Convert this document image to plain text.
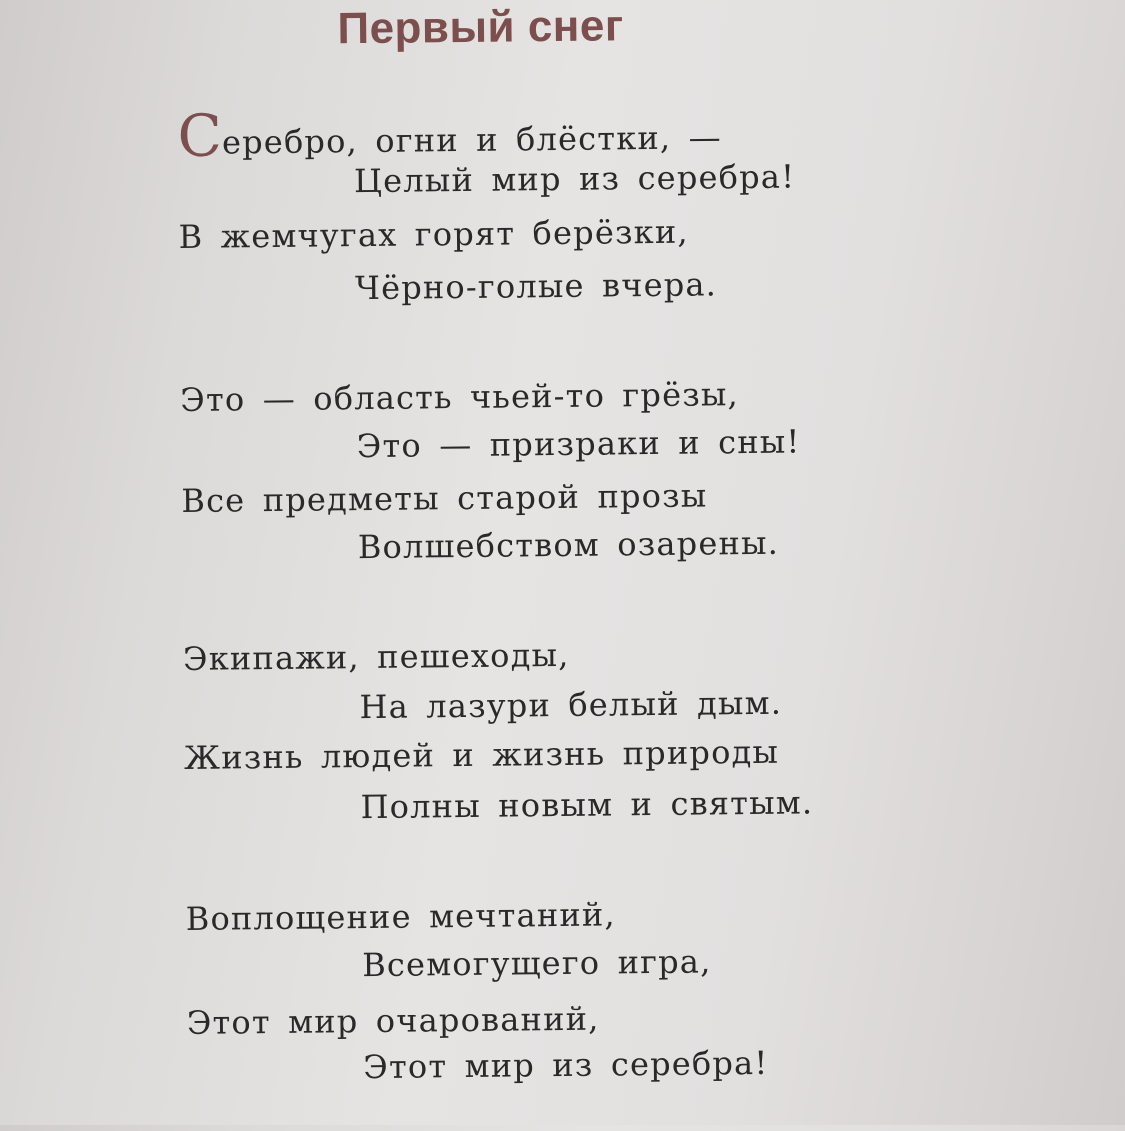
Первый снег
Серебро, огни и блёстки, —
Целый мир из серебра!
В жемчугах горят берёзки,
Чёрно-голые вчера.
Это — область чьей-то грёзы,
Это — призраки и сны!
Все предметы старой прозы
Волшебством озарены.
Экипажи, пешеходы,
На лазури белый дым.
Жизнь людей и жизнь природы
Полны новым и святым.
Воплощение мечтаний,
Всемогущего игра,
Этот мир очарований,
Этот мир из серебра!
